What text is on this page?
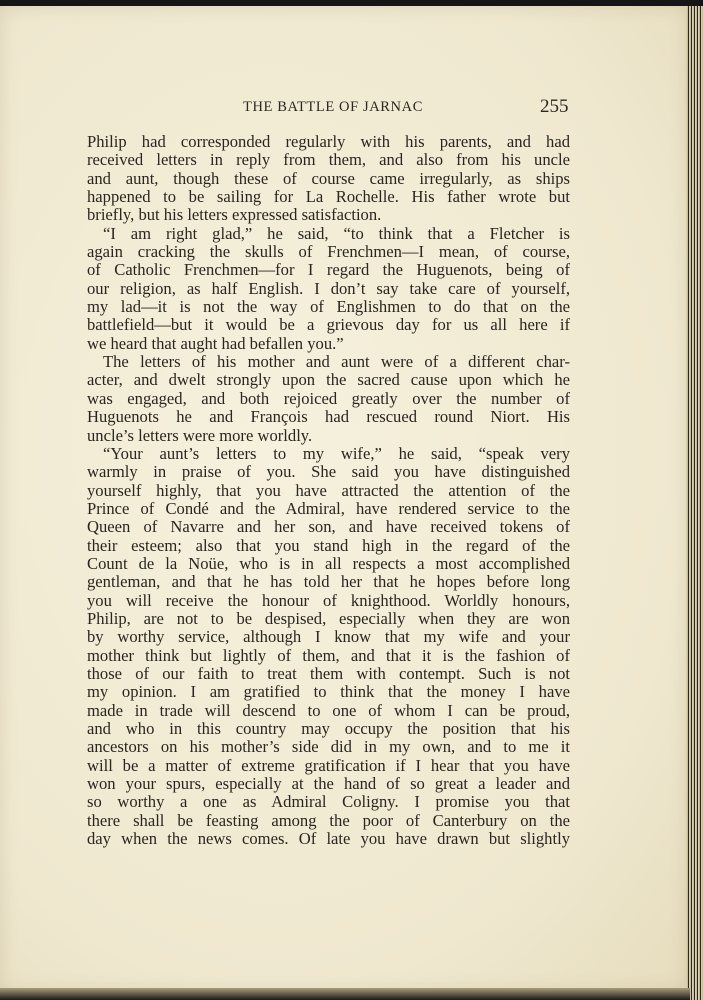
THE BATTLE OF JARNAC	255
Philip had corresponded regularly with his parents, and had
received letters in reply from them, and also from his uncle
and aunt, though these of course came irregularly, as ships
happened to be sailing for La Rochelle. His father wrote but
briefly, but his letters expressed satisfaction.
“I am right glad,” he said, “to think that a Fletcher is
again cracking the skulls of Frenchmen—I mean, of course,
of Catholic Frenchmen—for I regard the Huguenots, being of
our religion, as half English. I don’t say take care of yourself,
my lad—it is not the way of Englishmen to do that on the
battlefield—but it would be a grievous day for us all here if
we heard that aught had befallen you.”
The letters of his mother and aunt were of a different char-
acter, and dwelt strongly upon the sacred cause upon which he
was engaged, and both rejoiced greatly over the number of
Huguenots he and François had rescued round Niort. His
uncle’s letters were more worldly.
“Your aunt’s letters to my wife,” he said, “speak very
warmly in praise of you. She said you have distinguished
yourself highly, that you have attracted the attention of the
Prince of Condé and the Admiral, have rendered service to the
Queen of Navarre and her son, and have received tokens of
their esteem; also that you stand high in the regard of the
Count de la Noüe, who is in all respects a most accomplished
gentleman, and that he has told her that he hopes before long
you will receive the honour of knighthood. Worldly honours,
Philip, are not to be despised, especially when they are won
by worthy service, although I know that my wife and your
mother think but lightly of them, and that it is the fashion of
those of our faith to treat them with contempt. Such is not
my opinion. I am gratified to think that the money I have
made in trade will descend to one of whom I can be proud,
and who in this country may occupy the position that his
ancestors on his mother’s side did in my own, and to me it
will be a matter of extreme gratification if I hear that you have
won your spurs, especially at the hand of so great a leader and
so worthy a one as Admiral Coligny. I promise you that
there shall be feasting among the poor of Canterbury on the
day when the news comes. Of late you have drawn but slightly
